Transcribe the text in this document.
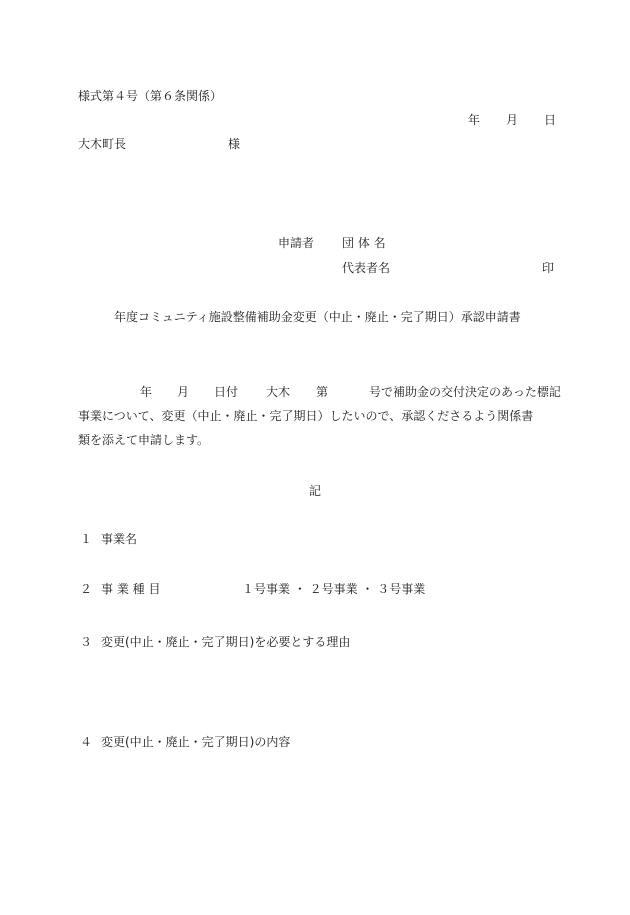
様式第４号（第６条関係）
年 月 日
大木町長	様
申請者 団 体 名
代表者名	印
年度コミュニティ施設整備補助金変更（中止・廃止・完了期日）承認申請書
年 月 日付 大木 第	号で補助金の交付決定のあった標記
事業について、変更（中止・廃止・完了期日）したいので、承認くださるよう関係書
類を添えて申請します。
記
１ 事業名
２ 事 業 種 目	１号事業 ・ ２号事業 ・ ３号事業
３ 変更(中止・廃止・完了期日)を必要とする理由
４ 変更(中止・廃止・完了期日)の内容
